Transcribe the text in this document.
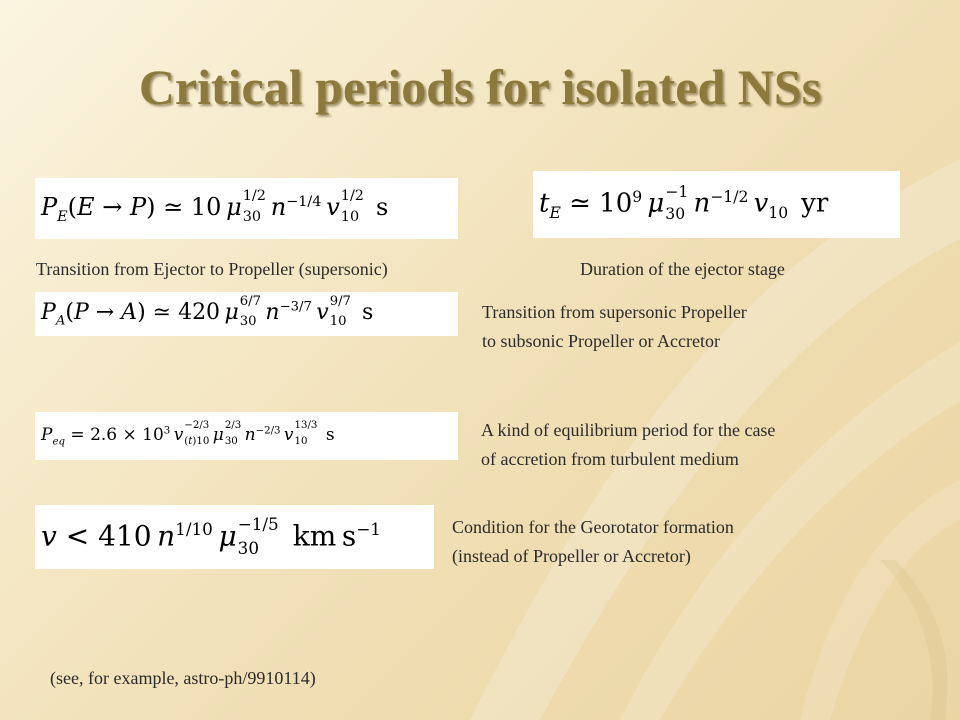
Critical periods for isolated NSs
$P_E(E \to P)$ ≃ 10 μ 1/2
30
  $n^{-1/4}$  v 1/2
10  s	$t_E$ ≃ $10^9$  μ −1
30
  $n^{-1/2}$  $v_{10}$ yr
Transition from Ejector to Propeller (supersonic)	Duration of the ejector stage
$P_A(P \to A)$ ≃ 420 μ 6/7
30
  $n^{-3/7}$  v 9/7
10  s	Transition from supersonic Propeller
to subsonic Propeller or Accretor
$P_{eq} = 2.6 \times 10^3$  v −2/3
(t)10
  μ 2/3
30
  $n^{-2/3}$  v 13/3
10  s	A kind of equilibrium period for the case
of accretion from turbulent medium
v < 410 $n^{1/10}$  μ −1/5
30  km $s^{-1}$	Condition for the Georotator formation
(instead of Propeller or Accretor)
(see, for example, astro-ph/9910114)
